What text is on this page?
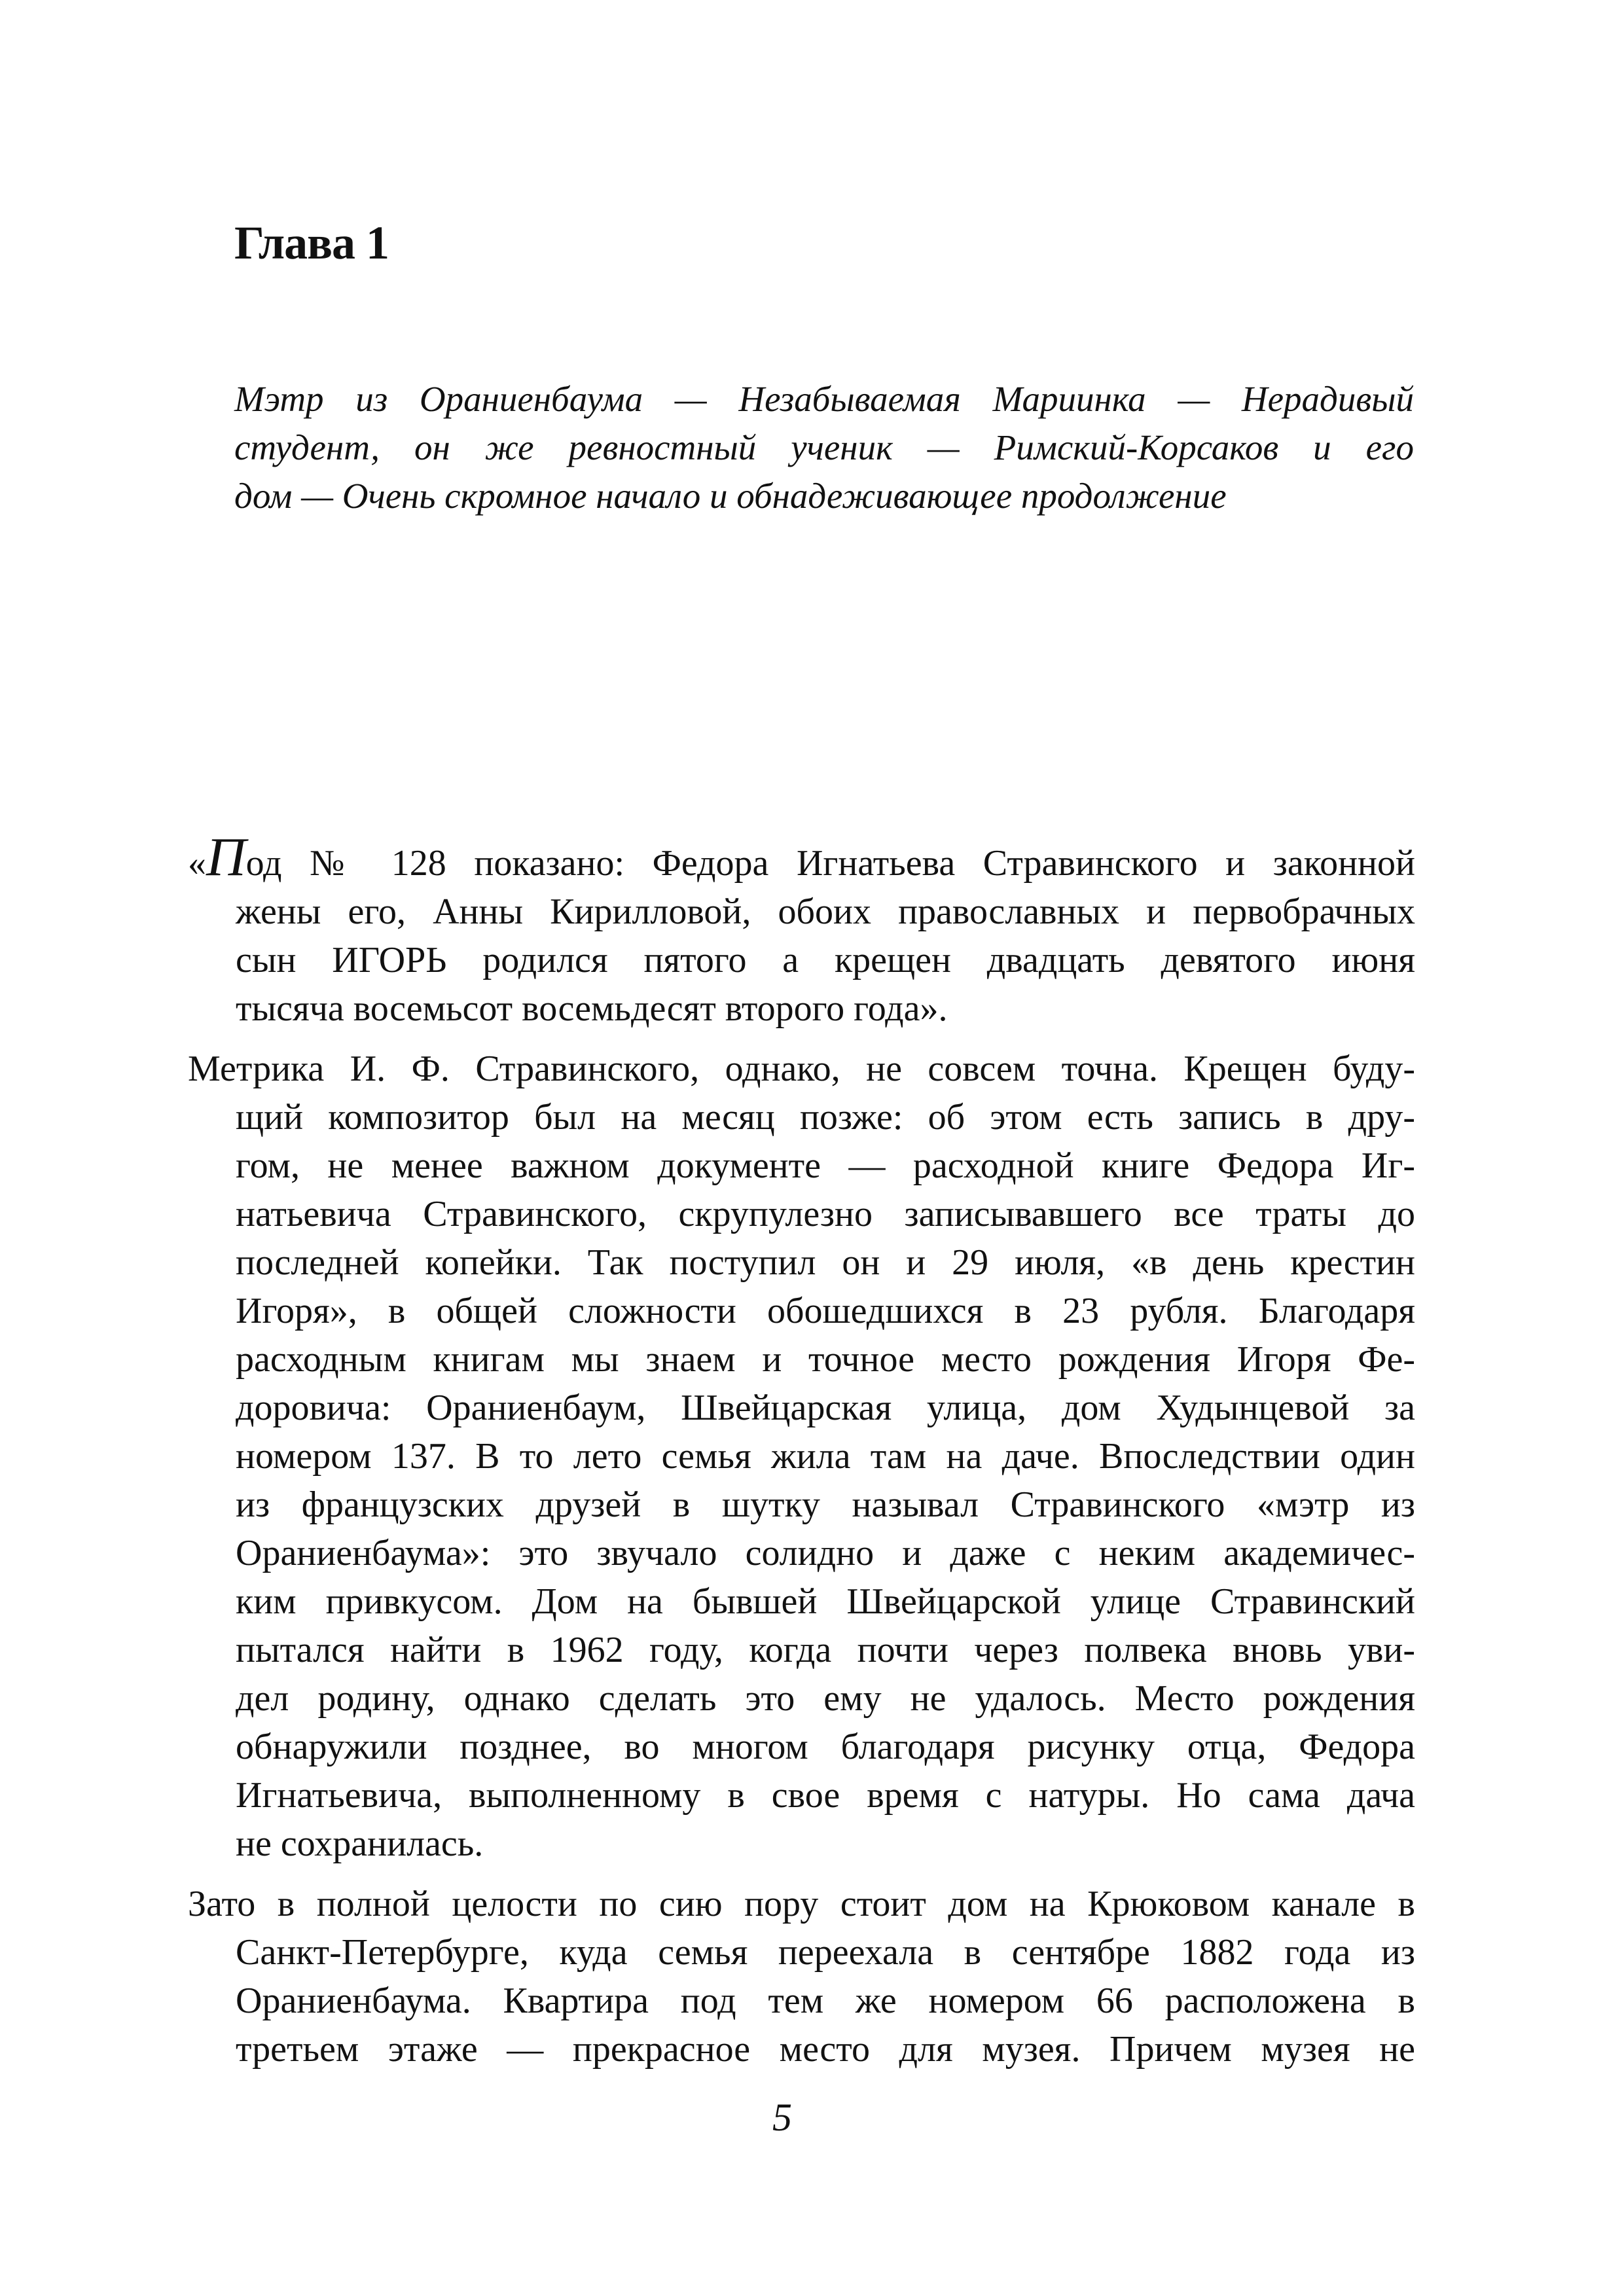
Глава 1
Мэтр из Ораниенбаума — Незабываемая Мариинка — Нерадивый
студент, он же ревностный ученик — Римский-Корсаков и его
дом — Очень скромное начало и обнадеживающее продолжение
«Под № 128 показано: Федора Игнатьева Стравинского и законной
жены его, Анны Кирилловой, обоих православных и первобрачных
сын ИГОРЬ родился пятого а крещен двадцать девятого июня
тысяча восемьсот восемьдесят второго года».
Метрика И. Ф. Стравинского, однако, не совсем точна. Крещен буду-
щий композитор был на месяц позже: об этом есть запись в дру-
гом, не менее важном документе — расходной книге Федора Иг-
натьевича Стравинского, скрупулезно записывавшего все траты до
последней копейки. Так поступил он и 29 июля, «в день крестин
Игоря», в общей сложности обошедшихся в 23 рубля. Благодаря
расходным книгам мы знаем и точное место рождения Игоря Фе-
доровича: Ораниенбаум, Швейцарская улица, дом Худынцевой за
номером 137. В то лето семья жила там на даче. Впоследствии один
из французских друзей в шутку называл Стравинского «мэтр из
Ораниенбаума»: это звучало солидно и даже с неким академичес-
ким привкусом. Дом на бывшей Швейцарской улице Стравинский
пытался найти в 1962 году, когда почти через полвека вновь уви-
дел родину, однако сделать это ему не удалось. Место рождения
обнаружили позднее, во многом благодаря рисунку отца, Федора
Игнатьевича, выполненному в свое время с натуры. Но сама дача
не сохранилась.
Зато в полной целости по сию пору стоит дом на Крюковом канале в
Санкт-Петербурге, куда семья переехала в сентябре 1882 года из
Ораниенбаума. Квартира под тем же номером 66 расположена в
третьем этаже — прекрасное место для музея. Причем музея не

5
